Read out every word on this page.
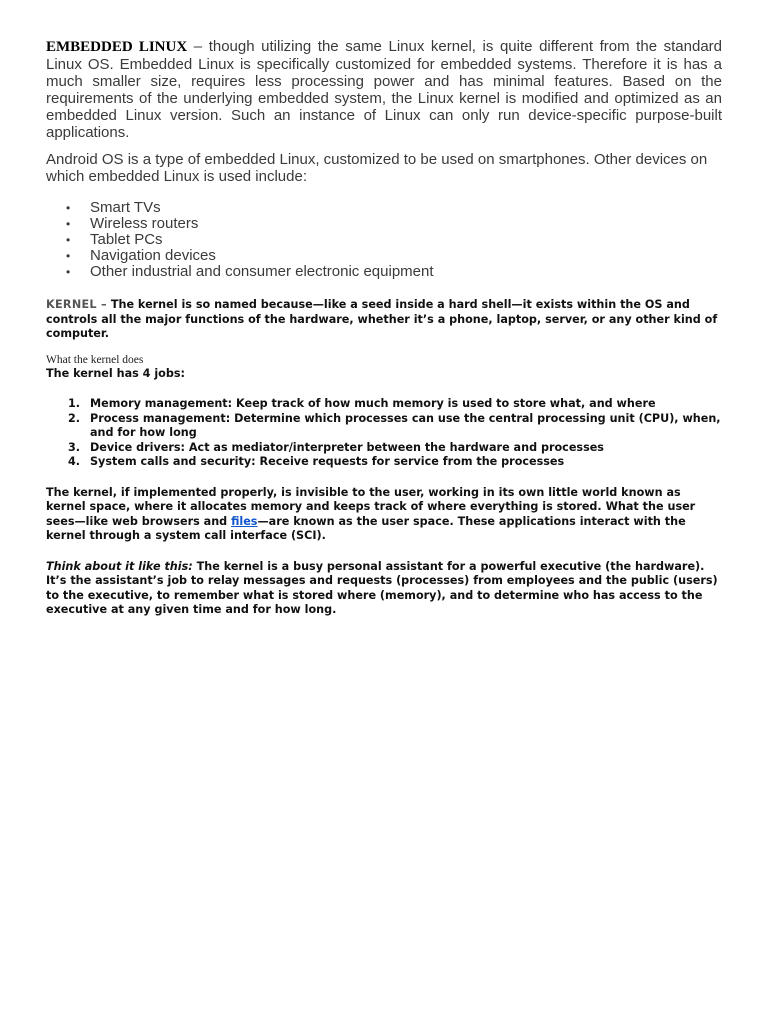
EMBEDDED LINUX – though utilizing the same Linux kernel, is quite different from the standard Linux OS. Embedded Linux is specifically customized for embedded systems. Therefore it is has a much smaller size, requires less processing power and has minimal features. Based on the requirements of the underlying embedded system, the Linux kernel is modified and optimized as an embedded Linux version. Such an instance of Linux can only run device-specific purpose-built applications.

Android OS is a type of embedded Linux, customized to be used on smartphones. Other devices on which embedded Linux is used include:

• Smart TVs
• Wireless routers
• Tablet PCs
• Navigation devices
• Other industrial and consumer electronic equipment

KERNEL – The kernel is so named because—like a seed inside a hard shell—it exists within the OS and controls all the major functions of the hardware, whether it’s a phone, laptop, server, or any other kind of computer.

What the kernel does

The kernel has 4 jobs:

1. Memory management: Keep track of how much memory is used to store what, and where
2. Process management: Determine which processes can use the central processing unit (CPU), when, and for how long
3. Device drivers: Act as mediator/interpreter between the hardware and processes
4. System calls and security: Receive requests for service from the processes

The kernel, if implemented properly, is invisible to the user, working in its own little world known as kernel space, where it allocates memory and keeps track of where everything is stored. What the user sees—like web browsers and files—are known as the user space. These applications interact with the kernel through a system call interface (SCI).

Think about it like this: The kernel is a busy personal assistant for a powerful executive (the hardware). It’s the assistant’s job to relay messages and requests (processes) from employees and the public (users) to the executive, to remember what is stored where (memory), and to determine who has access to the executive at any given time and for how long.
